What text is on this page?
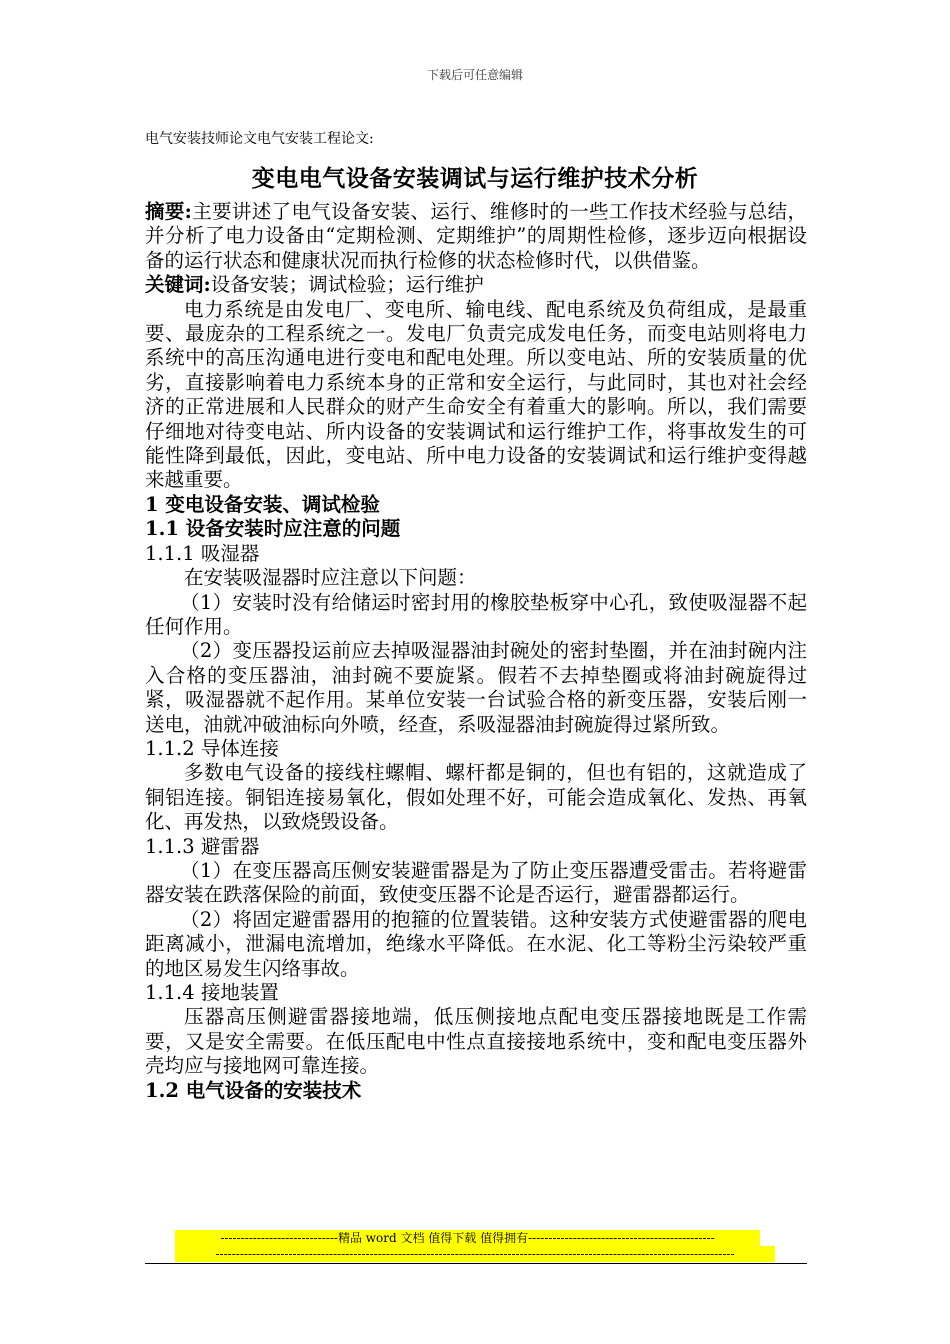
下载后可任意编辑
电气安装技师论文电气安装工程论文:
变电电气设备安装调试与运行维护技术分析

摘要:主要讲述了电气设备安装、运行、维修时的一些工作技术经验与总结，并分析了电力设备由“定期检测、定期维护”的周期性检修，逐步迈向根据设备的运行状态和健康状况而执行检修的状态检修时代，以供借鉴。

关键词:设备安装；调试检验；运行维护

电力系统是由发电厂、变电所、输电线、配电系统及负荷组成，是最重要、最庞杂的工程系统之一。发电厂负责完成发电任务，而变电站则将电力系统中的高压沟通电进行变电和配电处理。所以变电站、所的安装质量的优劣，直接影响着电力系统本身的正常和安全运行，与此同时，其也对社会经济的正常进展和人民群众的财产生命安全有着重大的影响。所以，我们需要仔细地对待变电站、所内设备的安装调试和运行维护工作，将事故发生的可能性降到最低，因此，变电站、所中电力设备的安装调试和运行维护变得越来越重要。

1 变电设备安装、调试检验

1.1 设备安装时应注意的问题

1.1.1 吸湿器

在安装吸湿器时应注意以下问题：

（1）安装时没有给储运时密封用的橡胶垫板穿中心孔，致使吸湿器不起任何作用。

（2）变压器投运前应去掉吸湿器油封碗处的密封垫圈，并在油封碗内注入合格的变压器油，油封碗不要旋紧。假若不去掉垫圈或将油封碗旋得过紧，吸湿器就不起作用。某单位安装一台试验合格的新变压器，安装后刚一送电，油就冲破油标向外喷，经查，系吸湿器油封碗旋得过紧所致。

1.1.2 导体连接

多数电气设备的接线柱螺帽、螺杆都是铜的，但也有铝的，这就造成了铜铝连接。铜铝连接易氧化，假如处理不好，可能会造成氧化、发热、再氧化、再发热，以致烧毁设备。

1.1.3 避雷器

（1）在变压器高压侧安装避雷器是为了防止变压器遭受雷击。若将避雷器安装在跌落保险的前面，致使变压器不论是否运行，避雷器都运行。

（2）将固定避雷器用的抱箍的位置装错。这种安装方式使避雷器的爬电距离减小，泄漏电流增加，绝缘水平降低。在水泥、化工等粉尘污染较严重的地区易发生闪络事故。

1.1.4 接地装置

压器高压侧避雷器接地端，低压侧接地点配电变压器接地既是工作需要，又是安全需要。在低压配电中性点直接接地系统中，变和配电变压器外壳均应与接地网可靠连接。

1.2 电气设备的安装技术

-----------------------------精品 word 文档 值得下载 值得拥有----------------------------------------------
--------------------------------------------------------------------------------------------------------------------------------
